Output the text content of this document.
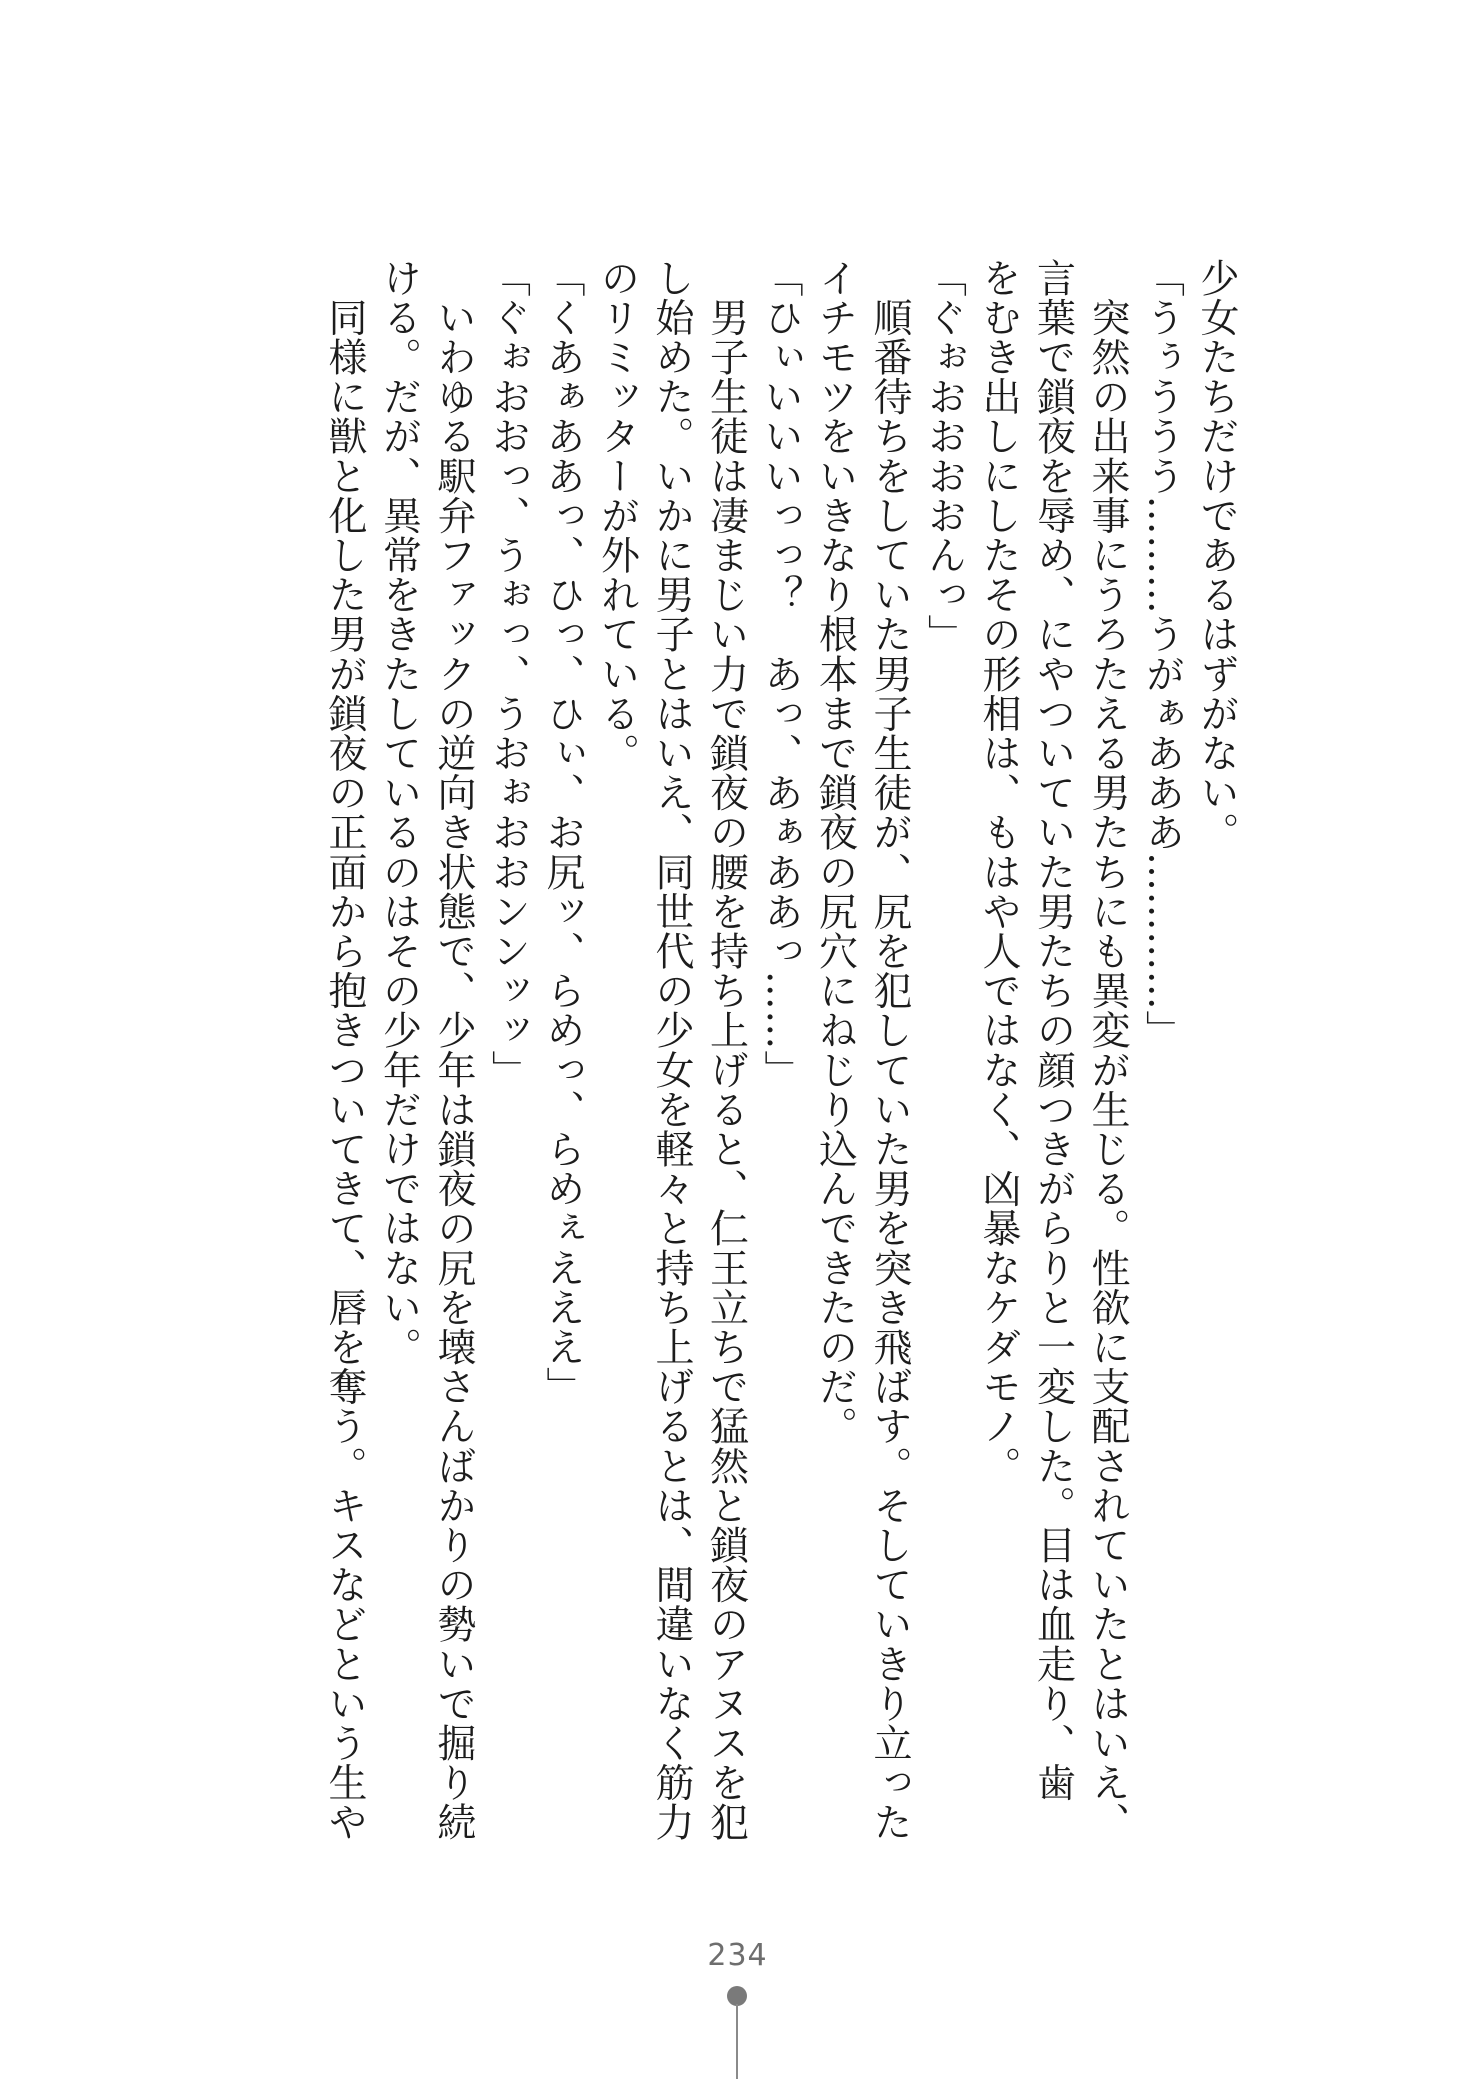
少女たちだけであるはずがない。
「うぅううう………うがぁあああ…………」
　突然の出来事にうろたえる男たちにも異変が生じる。性欲に支配されていたとはいえ、
言葉で鎖夜を辱め、にやついていた男たちの顔つきがらりと一変した。目は血走り、歯
をむき出しにしたその形相は、もはや人ではなく、凶暴なケダモノ。
「ぐぉおおおおんっ」
　順番待ちをしていた男子生徒が、尻を犯していた男を突き飛ばす。そしていきり立った
イチモツをいきなり根本まで鎖夜の尻穴にねじり込んできたのだ。
「ひぃいいいっっ？　あっ、あぁああっ……」
　男子生徒は凄まじい力で鎖夜の腰を持ち上げると、仁王立ちで猛然と鎖夜のアヌスを犯
し始めた。いかに男子とはいえ、同世代の少女を軽々と持ち上げるとは、間違いなく筋力
のリミッターが外れている。
「くあぁああっ、ひっ、ひぃ、お尻ッ、らめっ、らめぇえええ」
「ぐぉおおっ、うぉっ、うおぉおおンンッッ」
　いわゆる駅弁ファックの逆向き状態で、少年は鎖夜の尻を壊さんばかりの勢いで掘り続
ける。だが、異常をきたしているのはその少年だけではない。
　同様に獣と化した男が鎖夜の正面から抱きついてきて、唇を奪う。キスなどという生や
234
